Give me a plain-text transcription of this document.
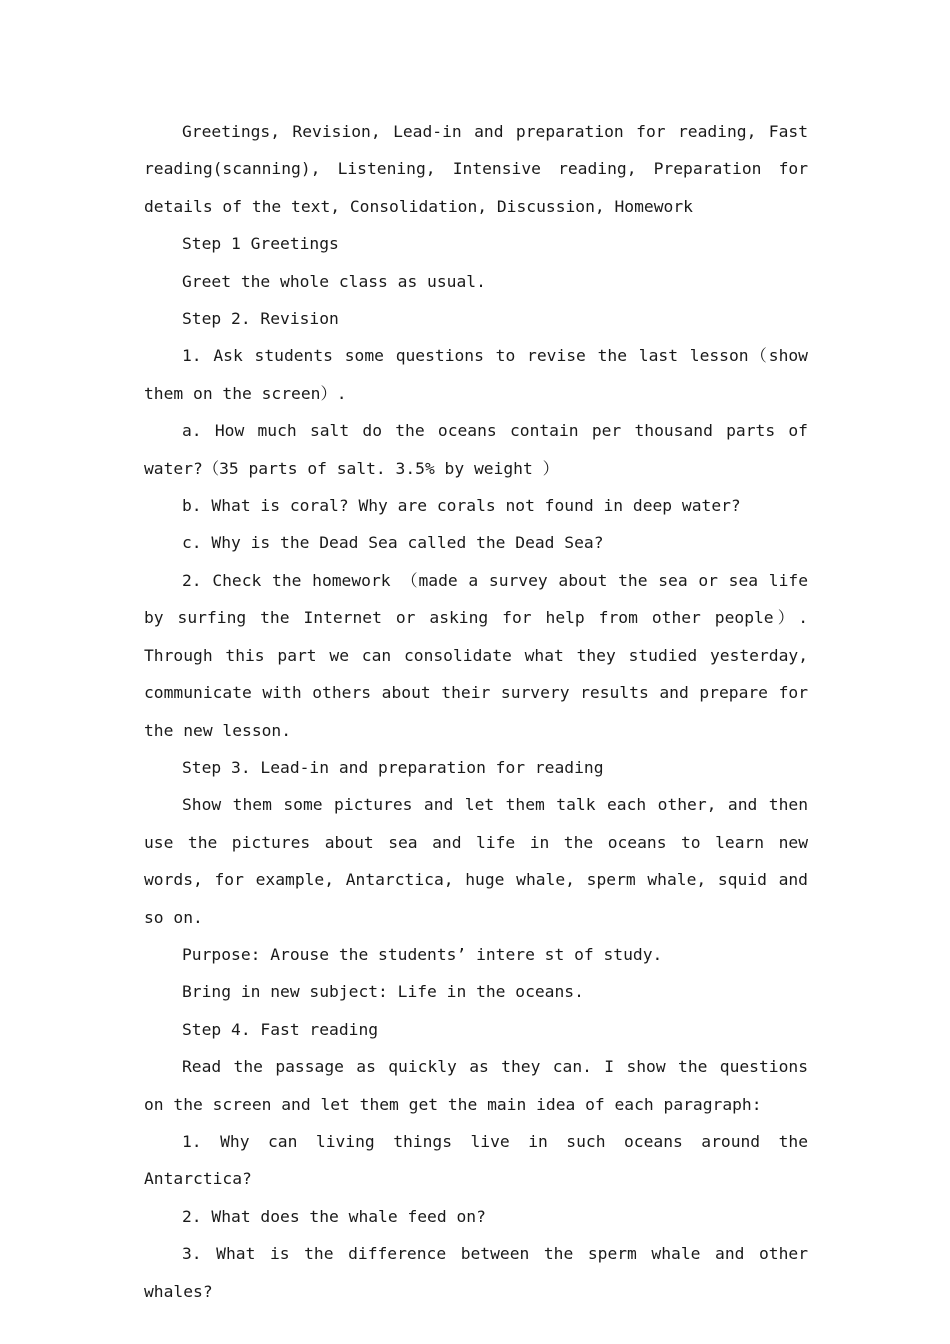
Greetings, Revision, Lead-in and preparation for reading, Fast reading(scanning), Listening, Intensive reading, Preparation for details of the text, Consolidation, Discussion, Homework

Step 1 Greetings

Greet the whole class as usual.

Step 2. Revision

1. Ask students some questions to revise the last lesson（show them on the screen）.

a. How much salt do the oceans contain per thousand parts of water?（35 parts of salt. 3.5% by weight ）

b. What is coral? Why are corals not found in deep water?

c. Why is the Dead Sea called the Dead Sea?

2. Check the homework （made a survey about the sea or sea life by surfing the Internet or asking for help from other people）. Through this part we can consolidate what they studied yesterday, communicate with others about their survery results and prepare for the new lesson.

Step 3. Lead-in and preparation for reading

Show them some pictures and let them talk each other, and then use the pictures about sea and life in the oceans to learn new words, for example, Antarctica, huge whale, sperm whale, squid and so on.

Purpose: Arouse the students’ intere st of study.

Bring in new subject: Life in the oceans.

Step 4. Fast reading

Read the passage as quickly as they can. I show the questions on the screen and let them get the main idea of each paragraph:

1. Why can living things live in such oceans around the Antarctica?

2. What does the whale feed on?

3. What is the difference between the sperm whale and other whales?
